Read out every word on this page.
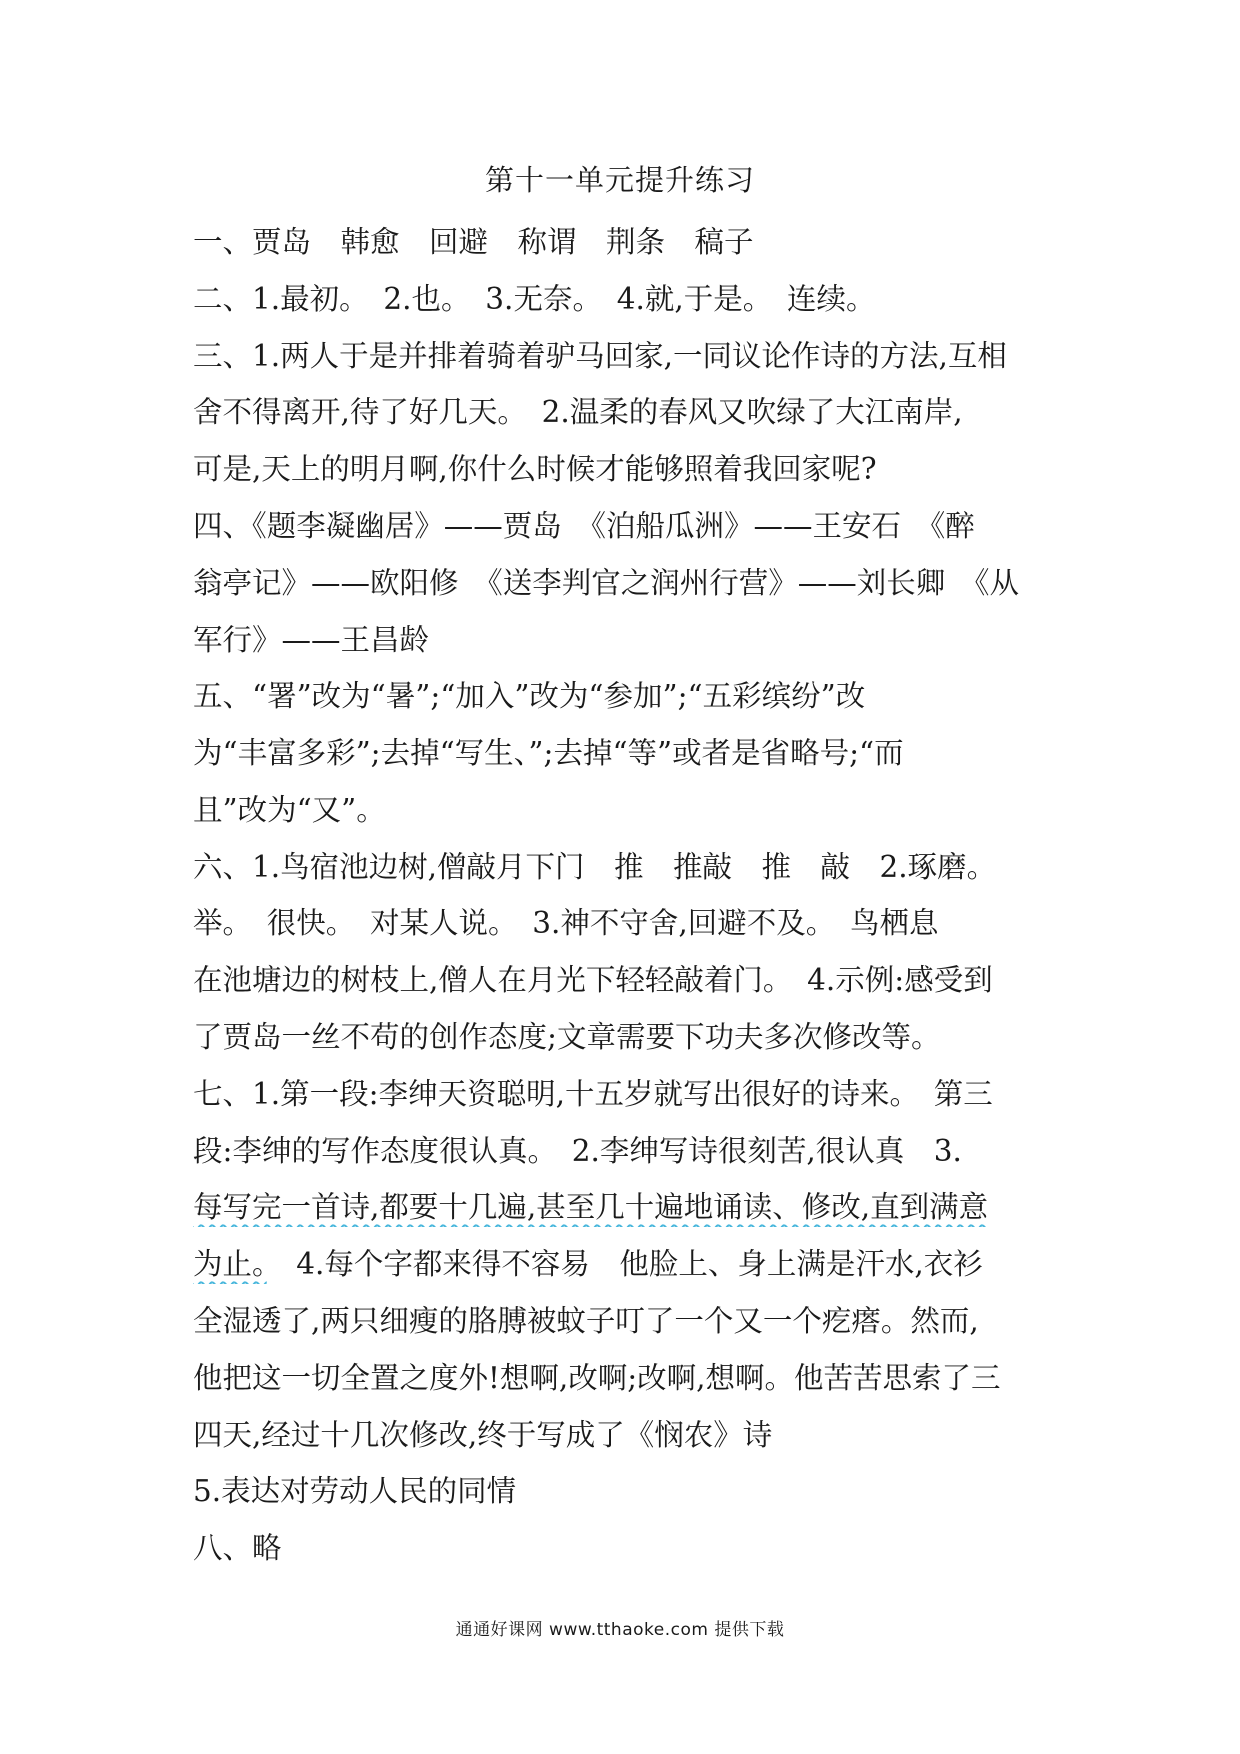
第十一单元提升练习
一、贾岛　韩愈　回避　称谓　荆条　稿子
二、1.最初。　2.也。　3.无奈。　4.就,于是。　连续。
三、1.两人于是并排着骑着驴马回家,一同议论作诗的方法,互相
舍不得离开,待了好几天。　2.温柔的春风又吹绿了大江南岸,
可是,天上的明月啊,你什么时候才能够照着我回家呢?
四、《题李凝幽居》——贾岛　《泊船瓜洲》——王安石　《醉
翁亭记》——欧阳修　《送李判官之润州行营》——刘长卿　《从
军行》——王昌龄
五、“署”改为“暑”;“加入”改为“参加”;“五彩缤纷”改
为“丰富多彩”;去掉“写生、”;去掉“等”或者是省略号;“而
且”改为“又”。
六、1.鸟宿池边树,僧敲月下门　推　推敲　推　敲　2.琢磨。
举。　很快。　对某人说。　3.神不守舍,回避不及。　鸟栖息
在池塘边的树枝上,僧人在月光下轻轻敲着门。　4.示例:感受到
了贾岛一丝不苟的创作态度;文章需要下功夫多次修改等。
七、1.第一段:李绅天资聪明,十五岁就写出很好的诗来。　第三
段:李绅的写作态度很认真。　2.李绅写诗很刻苦,很认真　3.
每写完一首诗,都要十几遍,甚至几十遍地诵读、修改,直到满意
为止。　4.每个字都来得不容易　他脸上、身上满是汗水,衣衫
全湿透了,两只细瘦的胳膊被蚊子叮了一个又一个疙瘩。然而,
他把这一切全置之度外!想啊,改啊;改啊,想啊。他苦苦思索了三
四天,经过十几次修改,终于写成了《悯农》诗
5.表达对劳动人民的同情
八、略
通通好课网 www.tthaoke.com 提供下载
